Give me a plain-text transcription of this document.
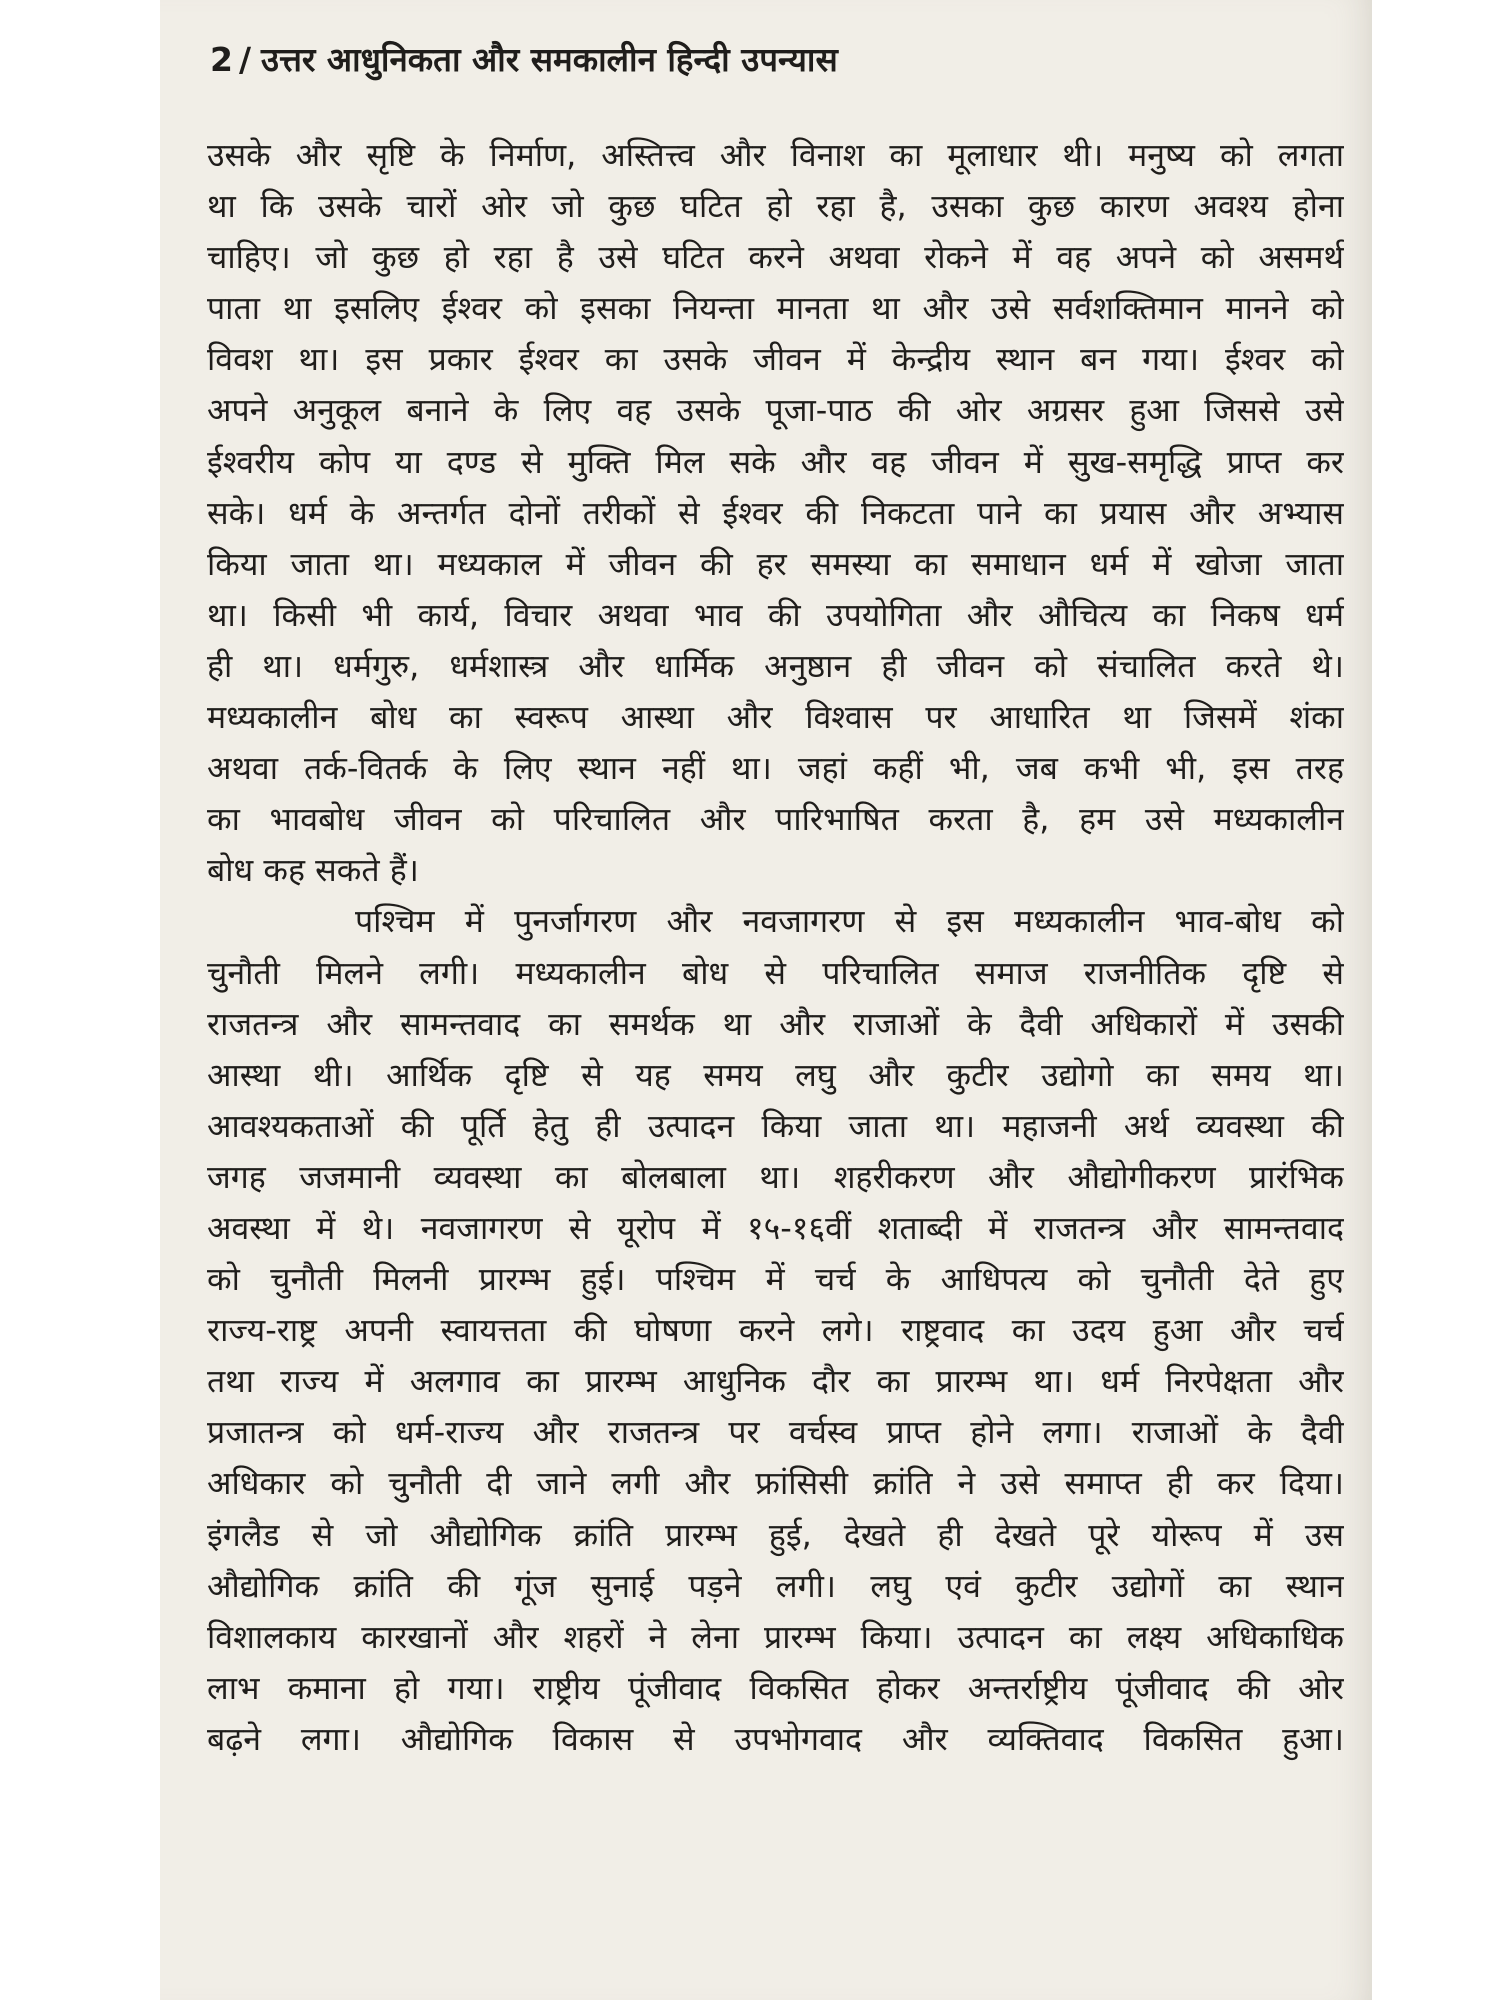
2 / उत्तर आधुनिकता और समकालीन हिन्दी उपन्यास
उसके और सृष्टि के निर्माण, अस्तित्त्व और विनाश का मूलाधार थी। मनुष्य को लगता
था कि उसके चारों ओर जो कुछ घटित हो रहा है, उसका कुछ कारण अवश्य होना
चाहिए। जो कुछ हो रहा है उसे घटित करने अथवा रोकने में वह अपने को असमर्थ
पाता था इसलिए ईश्वर को इसका नियन्ता मानता था और उसे सर्वशक्तिमान मानने को
विवश था। इस प्रकार ईश्वर का उसके जीवन में केन्द्रीय स्थान बन गया। ईश्वर को
अपने अनुकूल बनाने के लिए वह उसके पूजा-पाठ की ओर अग्रसर हुआ जिससे उसे
ईश्वरीय कोप या दण्ड से मुक्ति मिल सके और वह जीवन में सुख-समृद्धि प्राप्त कर
सके। धर्म के अन्तर्गत दोनों तरीकों से ईश्वर की निकटता पाने का प्रयास और अभ्यास
किया जाता था। मध्यकाल में जीवन की हर समस्या का समाधान धर्म में खोजा जाता
था। किसी भी कार्य, विचार अथवा भाव की उपयोगिता और औचित्य का निकष धर्म
ही था। धर्मगुरु, धर्मशास्त्र और धार्मिक अनुष्ठान ही जीवन को संचालित करते थे।
मध्यकालीन बोध का स्वरूप आस्था और विश्वास पर आधारित था जिसमें शंका
अथवा तर्क-वितर्क के लिए स्थान नहीं था। जहां कहीं भी, जब कभी भी, इस तरह
का भावबोध जीवन को परिचालित और पारिभाषित करता है, हम उसे मध्यकालीन
बोध कह सकते हैं।
पश्चिम में पुनर्जागरण और नवजागरण से इस मध्यकालीन भाव-बोध को
चुनौती मिलने लगी। मध्यकालीन बोध से परिचालित समाज राजनीतिक दृष्टि से
राजतन्त्र और सामन्तवाद का समर्थक था और राजाओं के दैवी अधिकारों में उसकी
आस्था थी। आर्थिक दृष्टि से यह समय लघु और कुटीर उद्योगो का समय था।
आवश्यकताओं की पूर्ति हेतु ही उत्पादन किया जाता था। महाजनी अर्थ व्यवस्था की
जगह जजमानी व्यवस्था का बोलबाला था। शहरीकरण और औद्योगीकरण प्रारंभिक
अवस्था में थे। नवजागरण से यूरोप में १५-१६वीं शताब्दी में राजतन्त्र और सामन्तवाद
को चुनौती मिलनी प्रारम्भ हुई। पश्चिम में चर्च के आधिपत्य को चुनौती देते हुए
राज्य-राष्ट्र अपनी स्वायत्तता की घोषणा करने लगे। राष्ट्रवाद का उदय हुआ और चर्च
तथा राज्य में अलगाव का प्रारम्भ आधुनिक दौर का प्रारम्भ था। धर्म निरपेक्षता और
प्रजातन्त्र को धर्म-राज्य और राजतन्त्र पर वर्चस्व प्राप्त होने लगा। राजाओं के दैवी
अधिकार को चुनौती दी जाने लगी और फ्रांसिसी क्रांति ने उसे समाप्त ही कर दिया।
इंगलैड से जो औद्योगिक क्रांति प्रारम्भ हुई, देखते ही देखते पूरे योरूप में उस
औद्योगिक क्रांति की गूंज सुनाई पड़ने लगी। लघु एवं कुटीर उद्योगों का स्थान
विशालकाय कारखानों और शहरों ने लेना प्रारम्भ किया। उत्पादन का लक्ष्य अधिकाधिक
लाभ कमाना हो गया। राष्ट्रीय पूंजीवाद विकसित होकर अन्तर्राष्ट्रीय पूंजीवाद की ओर
बढ़ने लगा। औद्योगिक विकास से उपभोगवाद और व्यक्तिवाद विकसित हुआ।
